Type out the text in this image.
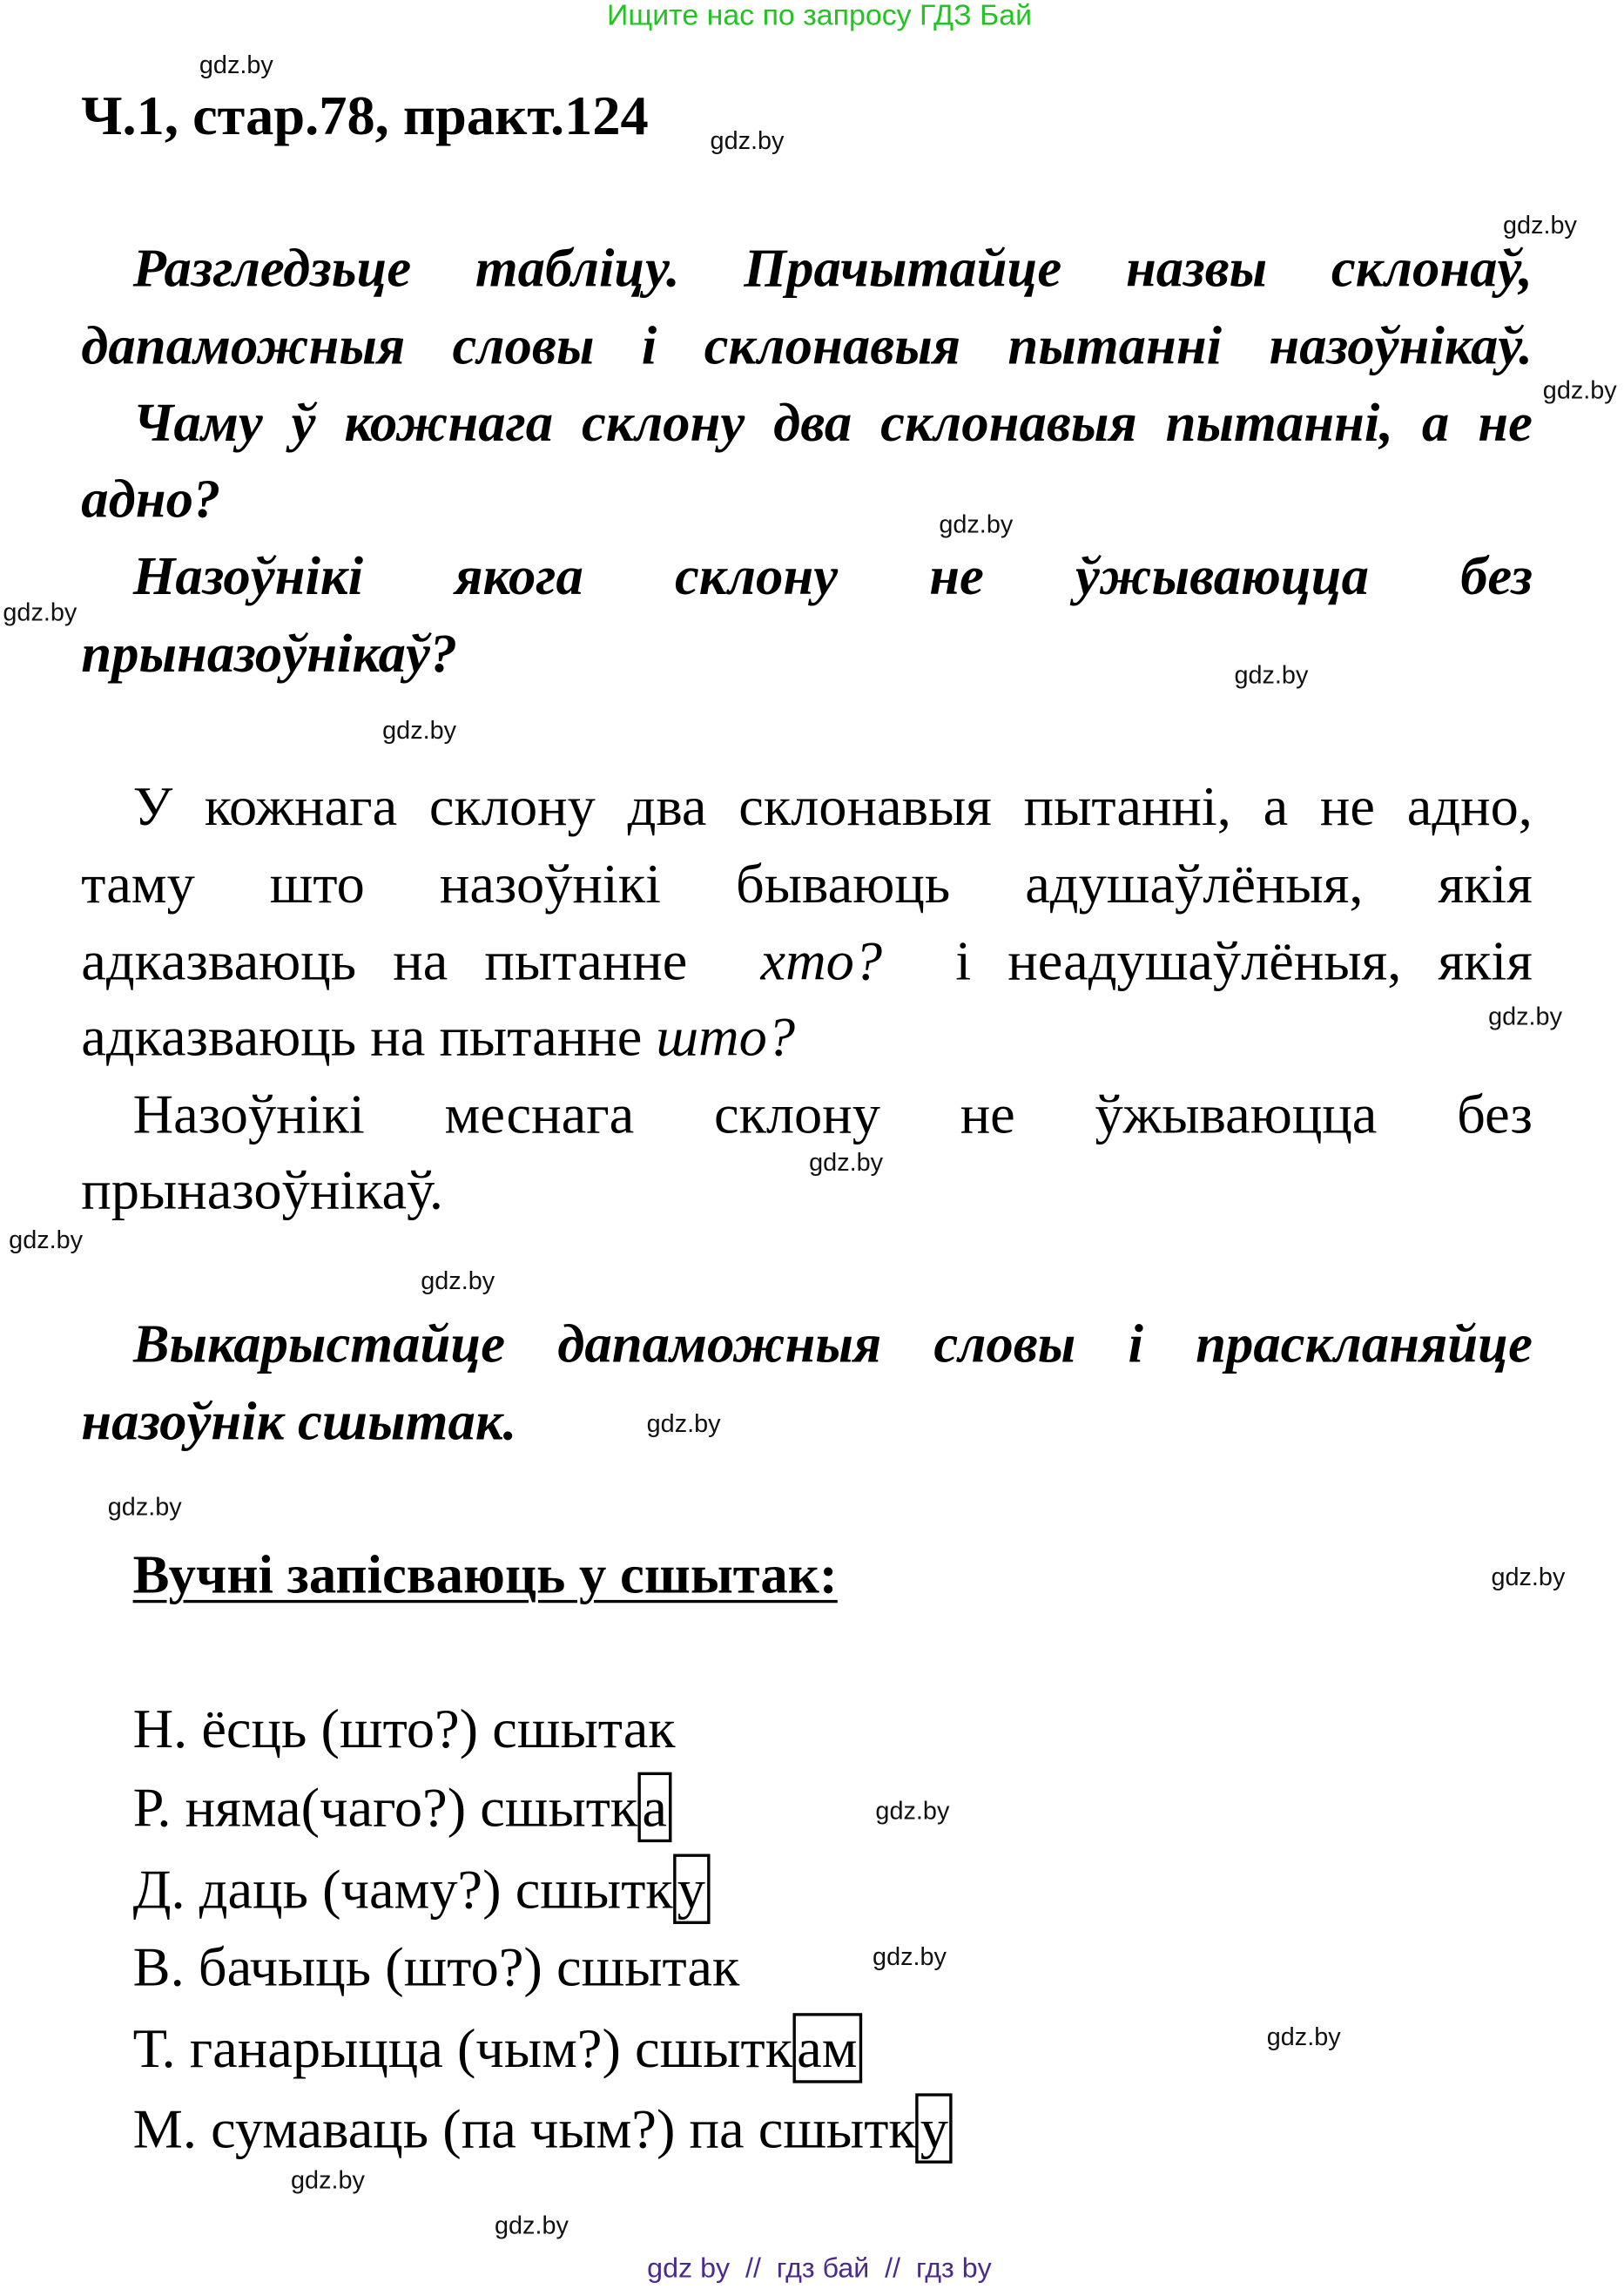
Ищите нас по запросу ГДЗ Бай
Ч.1, стар.78, практ.124
Разгледзьце табліцу. Прачытайце назвы склонаў,
дапаможныя словы і склонавыя пытанні назоўнікаў.
Чаму ў кожнага склону два склонавыя пытанні, а не
адно?
Назоўнікі якога склону не ўжываюцца без
прыназоўнікаў?
У кожнага склону два склонавыя пытанні, а не адно,
таму што назоўнікі бываюць адушаўлёныя, якія
адказваюць на пытанне  хто?  і неадушаўлёныя, якія
адказваюць на пытанне што?
Назоўнікі меснага склону не ўжываюцца без
прыназоўнікаў.
Выкарыстайце дапаможныя словы і праскланяйце
назоўнік сшытак.
Вучні запісваюць у сшытак:
Н. ёсць (што?) сшытак
Р. няма(чаго?) сшытк а
Д. даць (чаму?) сшытк у
В. бачыць (што?) сшытак
Т. ганарыцца (чым?) сшытк ам
М. сумаваць (па чым?) па сшытк у
gdz.by
gdz.by
gdz.by
gdz.by
gdz.by
gdz.by
gdz.by
gdz.by
gdz.by
gdz.by
gdz.by
gdz.by
gdz.by
gdz.by
gdz.by
gdz.by
gdz.by
gdz.by
gdz.by
gdz.by
gdz by  //  гдз бай  //  гдз by
